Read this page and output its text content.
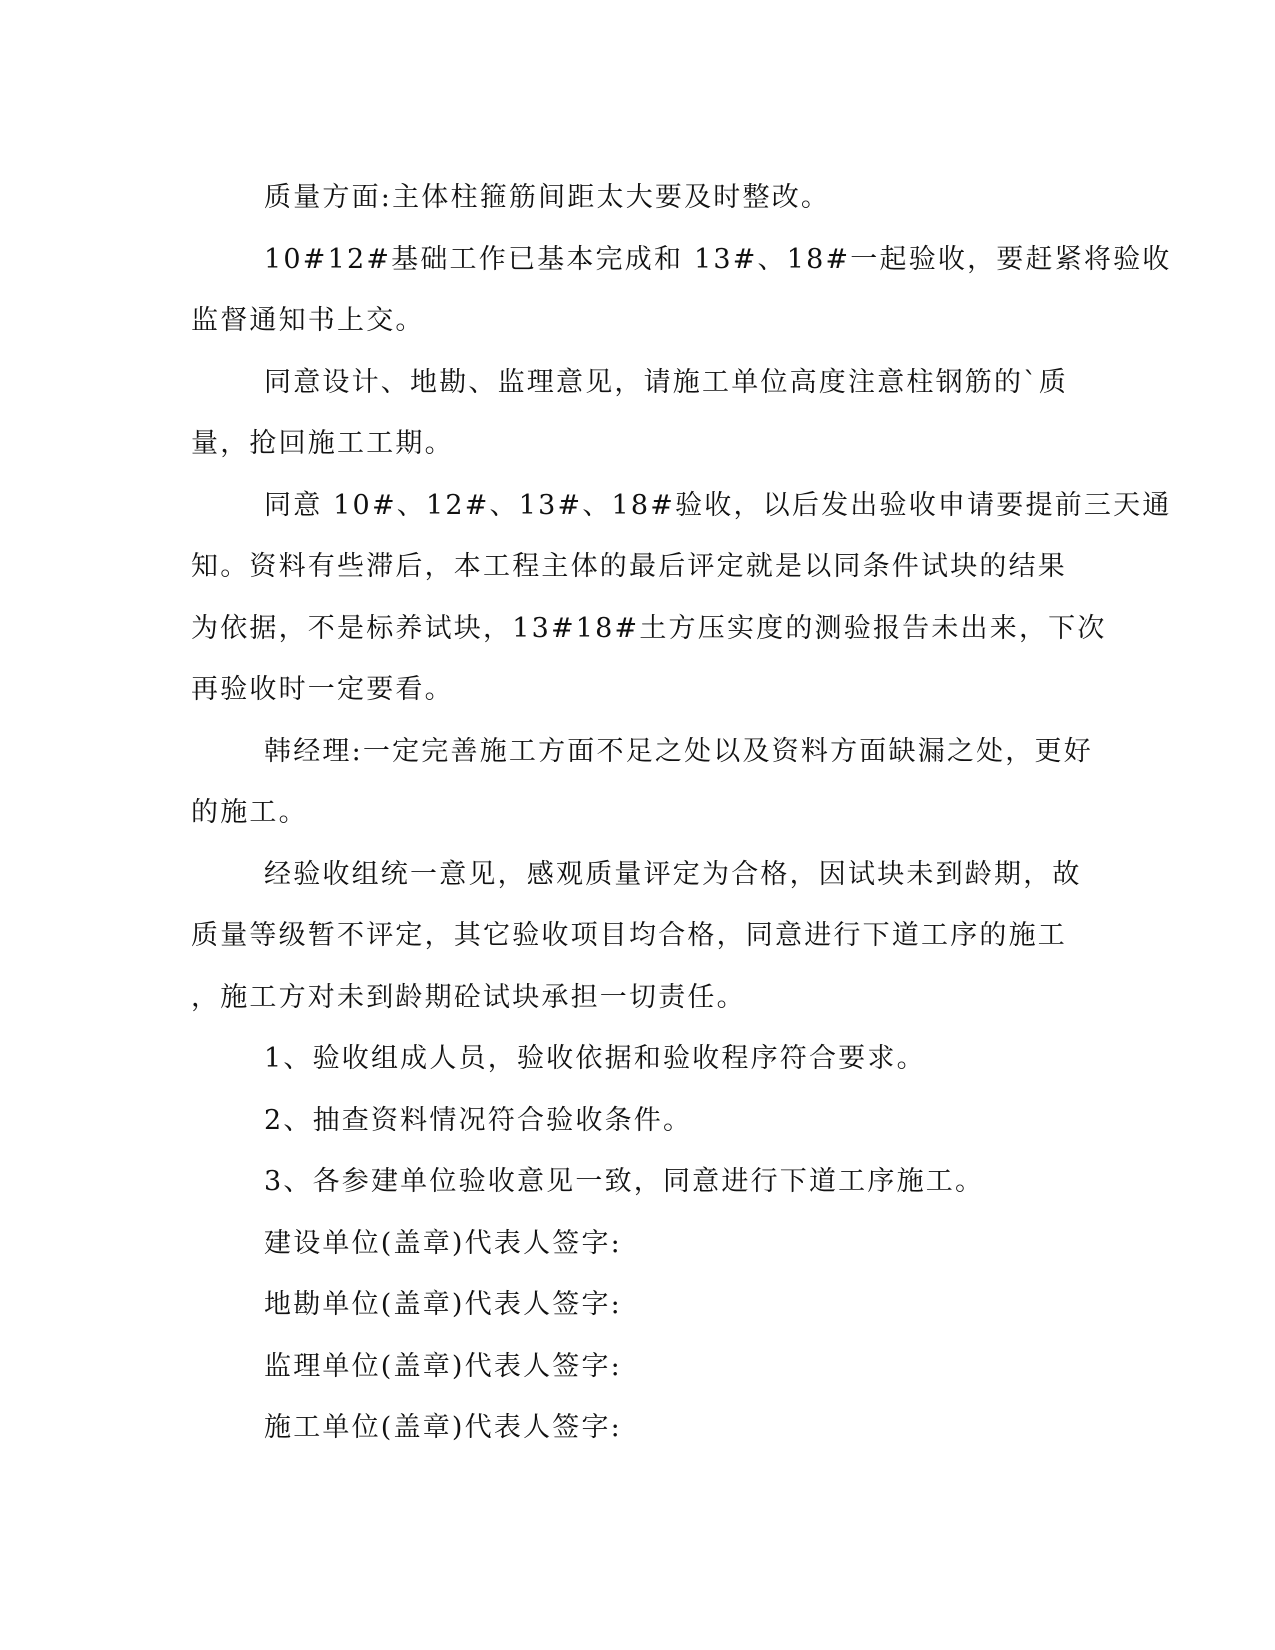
质量方面:主体柱箍筋间距太大要及时整改。
10#12#基础工作已基本完成和 13#、18#一起验收，要赶紧将验收
监督通知书上交。
同意设计、地勘、监理意见，请施工单位高度注意柱钢筋的`质
量，抢回施工工期。
同意 10#、12#、13#、18#验收，以后发出验收申请要提前三天通
知。资料有些滞后，本工程主体的最后评定就是以同条件试块的结果
为依据，不是标养试块，13#18#土方压实度的测验报告未出来，下次
再验收时一定要看。
韩经理:一定完善施工方面不足之处以及资料方面缺漏之处，更好
的施工。
经验收组统一意见，感观质量评定为合格，因试块未到龄期，故
质量等级暂不评定，其它验收项目均合格，同意进行下道工序的施工
，施工方对未到龄期砼试块承担一切责任。
1、验收组成人员，验收依据和验收程序符合要求。
2、抽查资料情况符合验收条件。
3、各参建单位验收意见一致，同意进行下道工序施工。
建设单位(盖章)代表人签字:
地勘单位(盖章)代表人签字:
监理单位(盖章)代表人签字:
施工单位(盖章)代表人签字:
